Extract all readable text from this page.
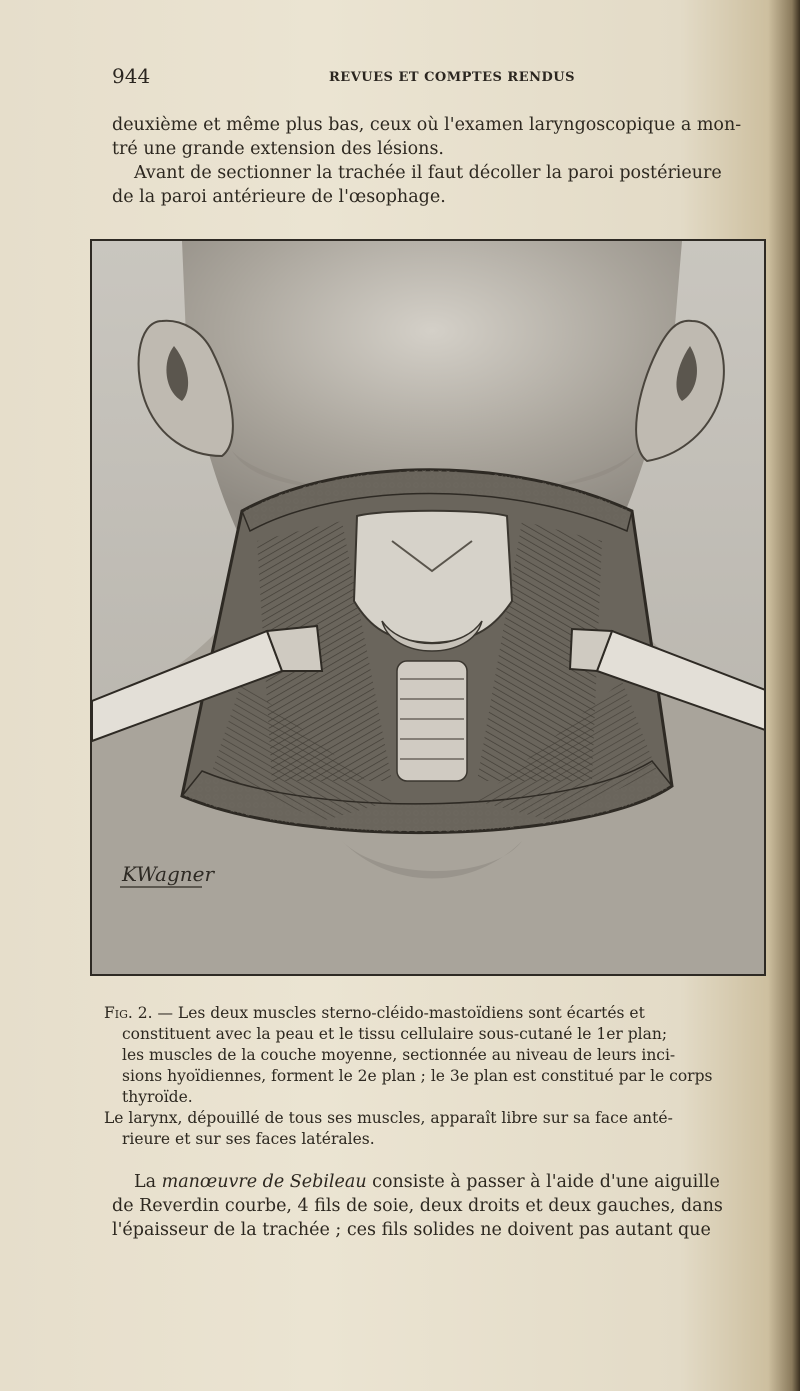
944	REVUES ET COMPTES RENDUS
deuxième et même plus bas, ceux où l'examen laryngoscopique a mon-
tré une grande extension des lésions.
Avant de sectionner la trachée il faut décoller la paroi postérieure
de la paroi antérieure de l'œsophage.
KWagner
Fig. 2. — Les deux muscles sterno-cléido-mastoïdiens sont écartés et
constituent avec la peau et le tissu cellulaire sous-cutané le 1er plan;
les muscles de la couche moyenne, sectionnée au niveau de leurs inci-
sions hyoïdiennes, forment le 2e plan ; le 3e plan est constitué par le corps
thyroïde.
Le larynx, dépouillé de tous ses muscles, apparaît libre sur sa face anté-
rieure et sur ses faces latérales.
La manœuvre de Sebileau consiste à passer à l'aide d'une aiguille
de Reverdin courbe, 4 fils de soie, deux droits et deux gauches, dans
l'épaisseur de la trachée ; ces fils solides ne doivent pas autant que
